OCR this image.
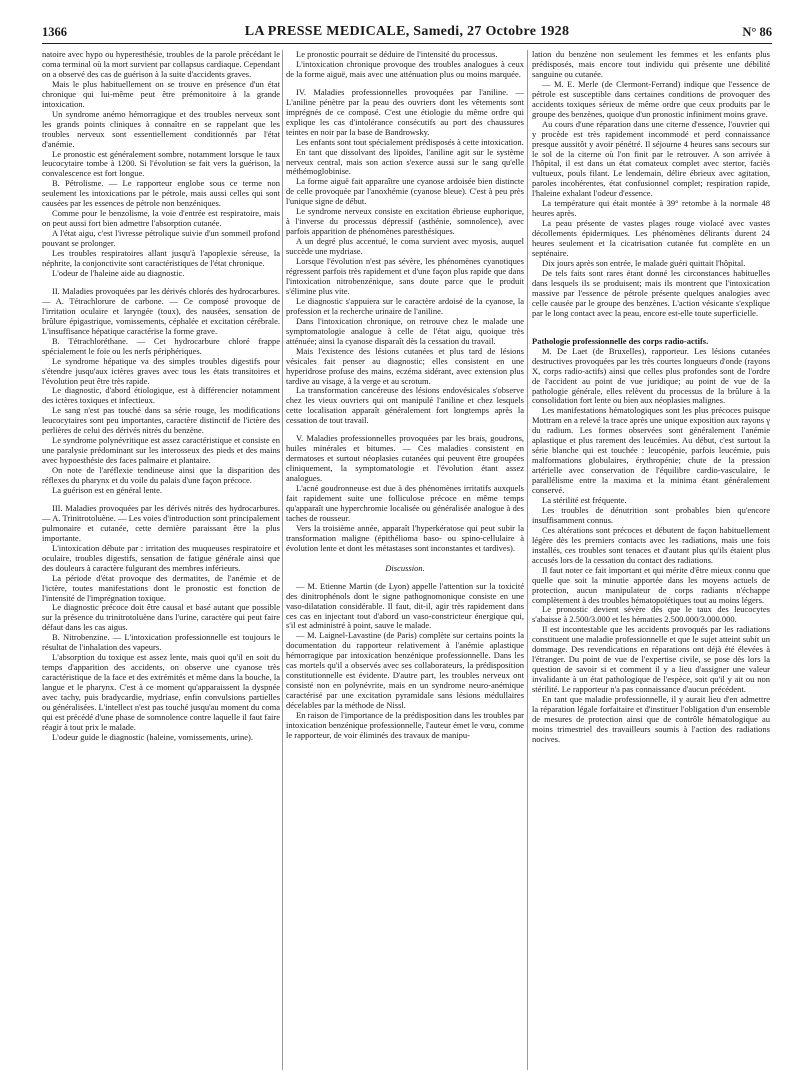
1366	LA PRESSE MEDICALE, Samedi, 27 Octobre 1928	N° 86

natoire avec hypo ou hyperesthésie, troubles de la parole précédant le coma terminal où la mort survient par collapsus cardiaque. Cependant on a observé des cas de guérison à la suite d'accidents graves.

Mais le plus habituellement on se trouve en présence d'un état chronique qui lui-même peut être prémonitoire à la grande intoxication.

Un syndrome anémo hémorragique et des troubles nerveux sont les grands points cliniques à connaître en se rappelant que les troubles nerveux sont essentiellement conditionnés par l'état d'anémie.

Le pronostic est généralement sombre, notamment lorsque le taux leucocytaire tombe à 1200. Si l'évolution se fait vers la guérison, la convalescence est fort longue.

B. Pétrolisme. — Le rapporteur englobe sous ce terme non seulement les intoxications par le pétrole, mais aussi celles qui sont causées par les essences de pétrole non benzéniques.

Comme pour le benzolisme, la voie d'entrée est respiratoire, mais on peut aussi fort bien admettre l'absorption cutanée.

A l'état aigu, c'est l'ivresse pétrolique suivie d'un sommeil profond pouvant se prolonger.

Les troubles respiratoires allant jusqu'à l'apoplexie séreuse, la néphrite, la conjonctivite sont caractéristiques de l'état chronique.

L'odeur de l'haleine aide au diagnostic.

II. Maladies provoquées par les dérivés chlorés des hydrocarbures. — A. Tétrachlorure de carbone. — Ce composé provoque de l'irritation oculaire et laryngée (toux), des nausées, sensation de brûlure épigastrique, vomissements, céphalée et excitation cérébrale. L'insuffisance hépatique caractérise la forme grave.

B. Tétrachloréthane. — Cet hydrocarbure chloré frappe spécialement le foie ou les nerfs périphériques.

Le syndrome hépatique va des simples troubles digestifs pour s'étendre jusqu'aux ictères graves avec tous les états transitoires et l'évolution peut être très rapide.

Le diagnostic, d'abord étiologique, est à différencier notamment des ictères toxiques et infectieux.

Le sang n'est pas touché dans sa série rouge, les modifications leucocytaires sont peu importantes, caractère distinctif de l'ictère des perlières de celui des dérivés nitrés du benzène.

Le syndrome polynévritique est assez caractéristique et consiste en une paralysie prédominant sur les interosseux des pieds et des mains avec hypoesthésie des faces palmaire et plantaire.

On note de l'aréflexie tendineuse ainsi que la disparition des réflexes du pharynx et du voile du palais d'une façon précoce.

La guérison est en général lente.

III. Maladies provoquées par les dérivés nitrés des hydrocarbures. — A. Trinitrotoluène. — Les voies d'introduction sont principalement pulmonaire et cutanée, cette dernière paraissant être la plus importante.

L'intoxication débute par : irritation des muqueuses respiratoire et oculaire, troubles digestifs, sensation de fatigue générale ainsi que des douleurs à caractère fulgurant des membres inférieurs.

La période d'état provoque des dermatites, de l'anémie et de l'ictère, toutes manifestations dont le pronostic est fonction de l'intensité de l'imprégnation toxique.

Le diagnostic précoce doit être causal et basé autant que possible sur la présence du trinitrotoluène dans l'urine, caractère qui peut faire défaut dans les cas aigus.

B. Nitrobenzine. — L'intoxication professionnelle est toujours le résultat de l'inhalation des vapeurs.

L'absorption du toxique est assez lente, mais quoi qu'il en soit du temps d'apparition des accidents, on observe une cyanose très caractéristique de la face et des extrémités et même dans la bouche, la langue et le pharynx. C'est à ce moment qu'apparaissent la dyspnée avec tachy, puis bradycardie, mydriase, enfin convulsions partielles ou généralisées. L'intellect n'est pas touché jusqu'au moment du coma qui est précédé d'une phase de somnolence contre laquelle il faut faire réagir à tout prix le malade.

L'odeur guide le diagnostic (haleine, vomissements, urine).

Le pronostic pourrait se déduire de l'intensité du processus.

L'intoxication chronique provoque des troubles analogues à ceux de la forme aiguë, mais avec une atténuation plus ou moins marquée.

IV. Maladies professionnelles provoquées par l'aniline. — L'aniline pénètre par la peau des ouvriers dont les vêtements sont imprégnés de ce composé. C'est une étiologie du même ordre qui explique les cas d'intolérance consécutifs au port des chaussures teintes en noir par la base de Bandrowsky.

Les enfants sont tout spécialement prédisposés à cette intoxication.

En tant que dissolvant des lipoïdes, l'aniline agit sur le système nerveux central, mais son action s'exerce aussi sur le sang qu'elle méthémoglobinise.

La forme aiguë fait apparaître une cyanose ardoisée bien distincte de celle provoquée par l'anoxhémie (cyanose bleue). C'est à peu près l'unique signe de début.

Le syndrome nerveux consiste en excitation ébrieuse euphorique, à l'inverse du processus dépressif (asthénie, somnolence), avec parfois apparition de phénomènes paresthésiques.

A un degré plus accentué, le coma survient avec myosis, auquel succède une mydriase.

Lorsque l'évolution n'est pas sévère, les phénomènes cyanotiques régressent parfois très rapidement et d'une façon plus rapide que dans l'intoxication nitrobenzénique, sans doute parce que le produit s'élimine plus vite.

Le diagnostic s'appuiera sur le caractère ardoisé de la cyanose, la profession et la recherche urinaire de l'aniline.

Dans l'intoxication chronique, on retrouve chez le malade une symptomatologie analogue à celle de l'état aigu, quoique très atténuée; ainsi la cyanose disparaît dès la cessation du travail.

Mais l'existence des lésions cutanées et plus tard de lésions vésicales fait penser au diagnostic; elles consistent en une hyperidrose profuse des mains, eczéma sidérant, avec extension plus tardive au visage, à la verge et au scrotum.

La transformation cancéreuse des lésions endovésicales s'observe chez les vieux ouvriers qui ont manipulé l'aniline et chez lesquels cette localisation apparaît généralement fort longtemps après la cessation de tout travail.

V. Maladies professionnelles provoquées par les brais, goudrons, huiles minérales et bitumes. — Ces maladies consistent en dermatoses et surtout néoplasies cutanées qui peuvent être groupées cliniquement, la symptomatologie et l'évolution étant assez analogues.

L'acné goudronneuse est due à des phénomènes irritatifs auxquels fait rapidement suite une folliculose précoce en même temps qu'apparaît une hyperchromie localisée ou généralisée analogue à des taches de rousseur.

Vers la troisième année, apparaît l'hyperkératose qui peut subir la transformation maligne (épithélioma baso- ou spino-cellulaire à évolution lente et dont les métastases sont inconstantes et tardives).

Discussion.

— M. Etienne Martin (de Lyon) appelle l'attention sur la toxicité des dinitrophénols dont le signe pathognomonique consiste en une vaso-dilatation considérable. Il faut, dit-il, agir très rapidement dans ces cas en injectant tout d'abord un vaso-constricteur énergique qui, s'il est administré à point, sauve le malade.

— M. Laignel-Lavastine (de Paris) complète sur certains points la documentation du rapporteur relativement à l'anémie aplastique hémorragique par intoxication benzénique professionnelle. Dans les cas mortels qu'il a observés avec ses collaborateurs, la prédisposition constitutionnelle est évidente. D'autre part, les troubles nerveux ont consisté non en polynévrite, mais en un syndrome neuro-anémique caractérisé par une excitation pyramidale sans lésions médullaires décelables par la méthode de Nissl.

En raison de l'importance de la prédisposition dans les troubles par intoxication benzénique professionnelle, l'auteur émet le vœu, comme le rapporteur, de voir éliminés des travaux de manipu-

lation du benzène non seulement les femmes et les enfants plus prédisposés, mais encore tout individu qui présente une débilité sanguine ou cutanée.

— M. E. Merle (de Clermont-Ferrand) indique que l'essence de pétrole est susceptible dans certaines conditions de provoquer des accidents toxiques sérieux de même ordre que ceux produits par le groupe des benzènes, quoique d'un pronostic infiniment moins grave.

Au cours d'une réparation dans une citerne d'essence, l'ouvrier qui y procède est très rapidement incommodé et perd connaissance presque aussitôt y avoir pénétré. Il séjourne 4 heures sans secours sur le sol de la citerne où l'on finit par le retrouver. A son arrivée à l'hôpital, il est dans un état comateux complet avec stertor, faciès vultueux, pouls filant. Le lendemain, délire ébrieux avec agitation, paroles incohérentes, état confusionnel complet; respiration rapide, l'haleine exhalant l'odeur d'essence.

La température qui était montée à 39° retombe à la normale 48 heures après.

La peau présente de vastes plages rouge violacé avec vastes décollements épidermiques. Les phénomènes délirants durent 24 heures seulement et la cicatrisation cutanée fut complète en un septénaire.

Dix jours après son entrée, le malade guéri quittait l'hôpital.

De tels faits sont rares étant donné les circonstances habituelles dans lesquels ils se produisent; mais ils montrent que l'intoxication massive par l'essence de pétrole présente quelques analogies avec celle causée par le groupe des benzènes. L'action vésicante s'explique par le long contact avec la peau, encore est-elle toute superficielle.

Pathologie professionnelle des corps radio-actifs.

M. De Laet (de Bruxelles), rapporteur. Les lésions cutanées destructives provoquées par les très courtes longueurs d'onde (rayons X, corps radio-actifs) ainsi que celles plus profondes sont de l'ordre de l'accident au point de vue juridique; au point de vue de la pathologie générale, elles relèvent du processus de la brûlure à la consolidation fort lente ou bien aux néoplasies malignes.

Les manifestations hématologiques sont les plus précoces puisque Mottram en a relevé la trace après une unique exposition aux rayons γ du radium. Les formes observées sont généralement l'anémie aplastique et plus rarement des leucémies. Au début, c'est surtout la série blanche qui est touchée : leucopénie, parfois leucémie, puis malformations globulaires, érythropénie; chute de la pression artérielle avec conservation de l'équilibre cardio-vasculaire, le parallélisme entre la maxima et la minima étant généralement conservé.

La stérilité est fréquente.

Les troubles de dénutrition sont probables bien qu'encore insuffisamment connus.

Ces altérations sont précoces et débutent de façon habituellement légère dès les premiers contacts avec les radiations, mais une fois installés, ces troubles sont tenaces et d'autant plus qu'ils étaient plus accusés lors de la cessation du contact des radiations.

Il faut noter ce fait important et qui mérite d'être mieux connu que quelle que soit la minutie apportée dans les moyens actuels de protection, aucun manipulateur de corps radiants n'échappe complètement à des troubles hématopoïétiques tout au moins légers.

Le pronostic devient sévère dès que le taux des leucocytes s'abaisse à 2.500/3.000 et les hématies 2.500.000/3.000.000.

Il est incontestable que les accidents provoqués par les radiations constituent une maladie professionnelle et que le sujet atteint subit un dommage. Des revendications en réparations ont déjà été élevées à l'étranger. Du point de vue de l'expertise civile, se pose dès lors la question de savoir si et comment il y a lieu d'assigner une valeur invalidante à un état pathologique de l'espèce, soit qu'il y ait ou non stérilité. Le rapporteur n'a pas connaissance d'aucun précédent.

En tant que maladie professionnelle, il y aurait lieu d'en admettre la réparation légale forfaitaire et d'instituer l'obligation d'un ensemble de mesures de protection ainsi que de contrôle hématologique au moins trimestriel des travailleurs soumis à l'action des radiations nocives.
